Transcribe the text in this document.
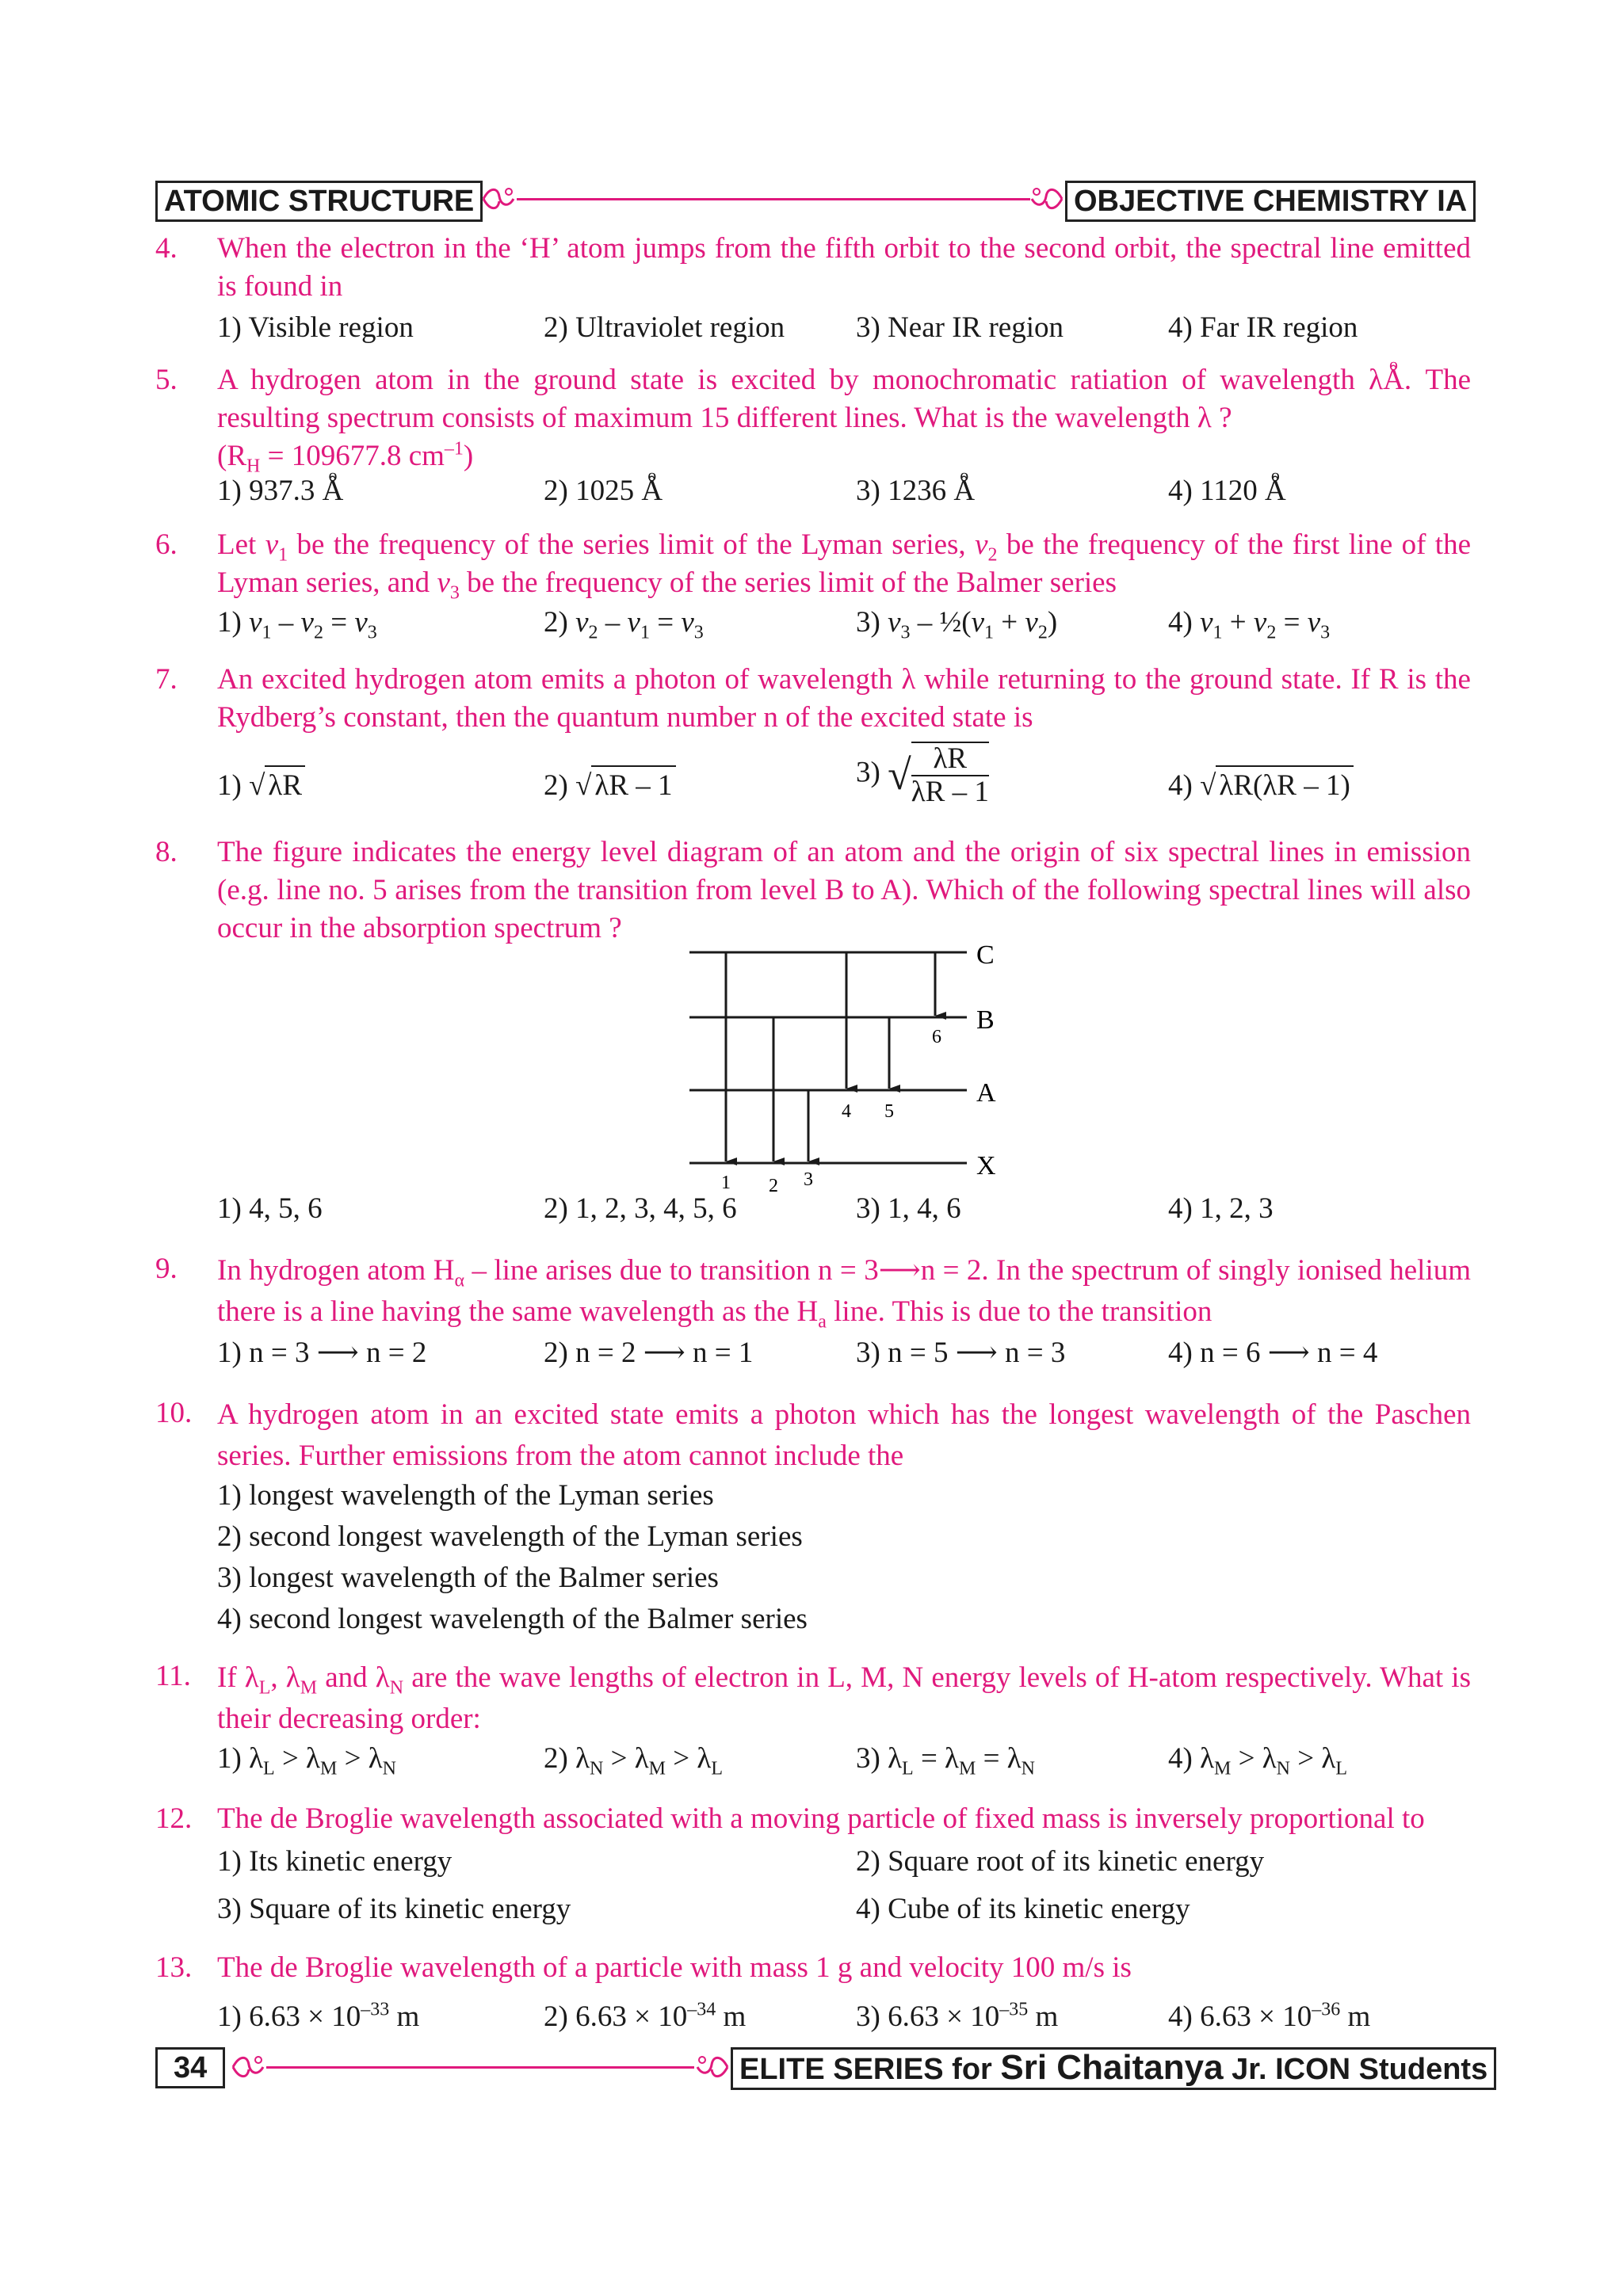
ATOMIC STRUCTURE	OBJECTIVE CHEMISTRY IA
4. When the electron in the ‘H’ atom jumps from the fifth orbit to the second orbit, the spectral line emitted is found in
1) Visible region	2) Ultraviolet region 3) Near IR region	4) Far IR region
5. A hydrogen atom in the ground state is excited by monochromatic ratiation of wavelength λo Å. The resulting spectrum consists of maximum 15 different lines. What is the wavelength λ ?
($R_H = 109677.8$ $cm^{-1}$)
1) 937.3 o Å	2) 1025 o Å	3) 1236 o Å	4) 1120 o Å
6. Let $v_1$ be the frequency of the series limit of the Lyman series, $v_2$ be the frequency of the first line of the Lyman series, and $v_3$ be the frequency of the series limit of the Balmer series
1) $v_1 - v_2 = v_3$	2) $v_2 - v_1 = v_3$	3) $v_3$ – $\frac{1}{2}(v_1 + v_2)$	4) $v_1 + v_2 = v_3$
7. An excited hydrogen atom emits a photon of wavelength λ while returning to the ground state. If R is the Rydberg’s constant, then the quantum number n of the excited state is
1) √ λR	2) √ λR – 1	3) √ $\frac{\lambda R}{\lambda R - 1}$	4) √ λR(λR – 1)
8. The figure indicates the energy level diagram of an atom and the origin of six spectral lines in emission (e.g. line no. 5 arises from the transition from level B to A). Which of the following spectral lines will also occur in the absorption spectrum ?
C
B
A
X
1 2 3
4 5
6
1) 4, 5, 6	2) 1, 2, 3, 4, 5, 6	3) 1, 4, 6	4) 1, 2, 3
9. In hydrogen atom $H_\alpha$ – line arises due to transition n = 3⟶n = 2. In the spectrum of singly ionised helium there is a line having the same wavelength as the $H_a$ line. This is due to the transition
1) n = 3 ⟶ n = 2	2) n = 2 ⟶ n = 1	3) n = 5 ⟶ n = 3	4) n = 6 ⟶ n = 4
10. A hydrogen atom in an excited state emits a photon which has the longest wavelength of the Paschen series. Further emissions from the atom cannot include the
1) longest wavelength of the Lyman series
2) second longest wavelength of the Lyman series
3) longest wavelength of the Balmer series
4) second longest wavelength of the Balmer series
11. If $\lambda_L$, $\lambda_M$ and $\lambda_N$ are the wave lengths of electron in L, M, N energy levels of H-atom respectively. What is their decreasing order:
1) $\lambda_L > \lambda_M > \lambda_N$	2) $\lambda_N > \lambda_M > \lambda_L$	3) $\lambda_L = \lambda_M = \lambda_N$	4) $\lambda_M > \lambda_N > \lambda_L$
12. The de Broglie wavelength associated with a moving particle of fixed mass is inversely proportional to
1) Its kinetic energy	2) Square root of its kinetic energy
3) Square of its kinetic energy	4) Cube of its kinetic energy
13. The de Broglie wavelength of a particle with mass 1 g and velocity 100 m/s is
1) $6.63 \times 10^{-33}$ m	2) $6.63 \times 10^{-34}$ m	3) $6.63 \times 10^{-35}$ m	4) $6.63 \times 10^{-36}$ m
34	ELITE SERIES for Sri Chaitanya Jr. ICON Students
